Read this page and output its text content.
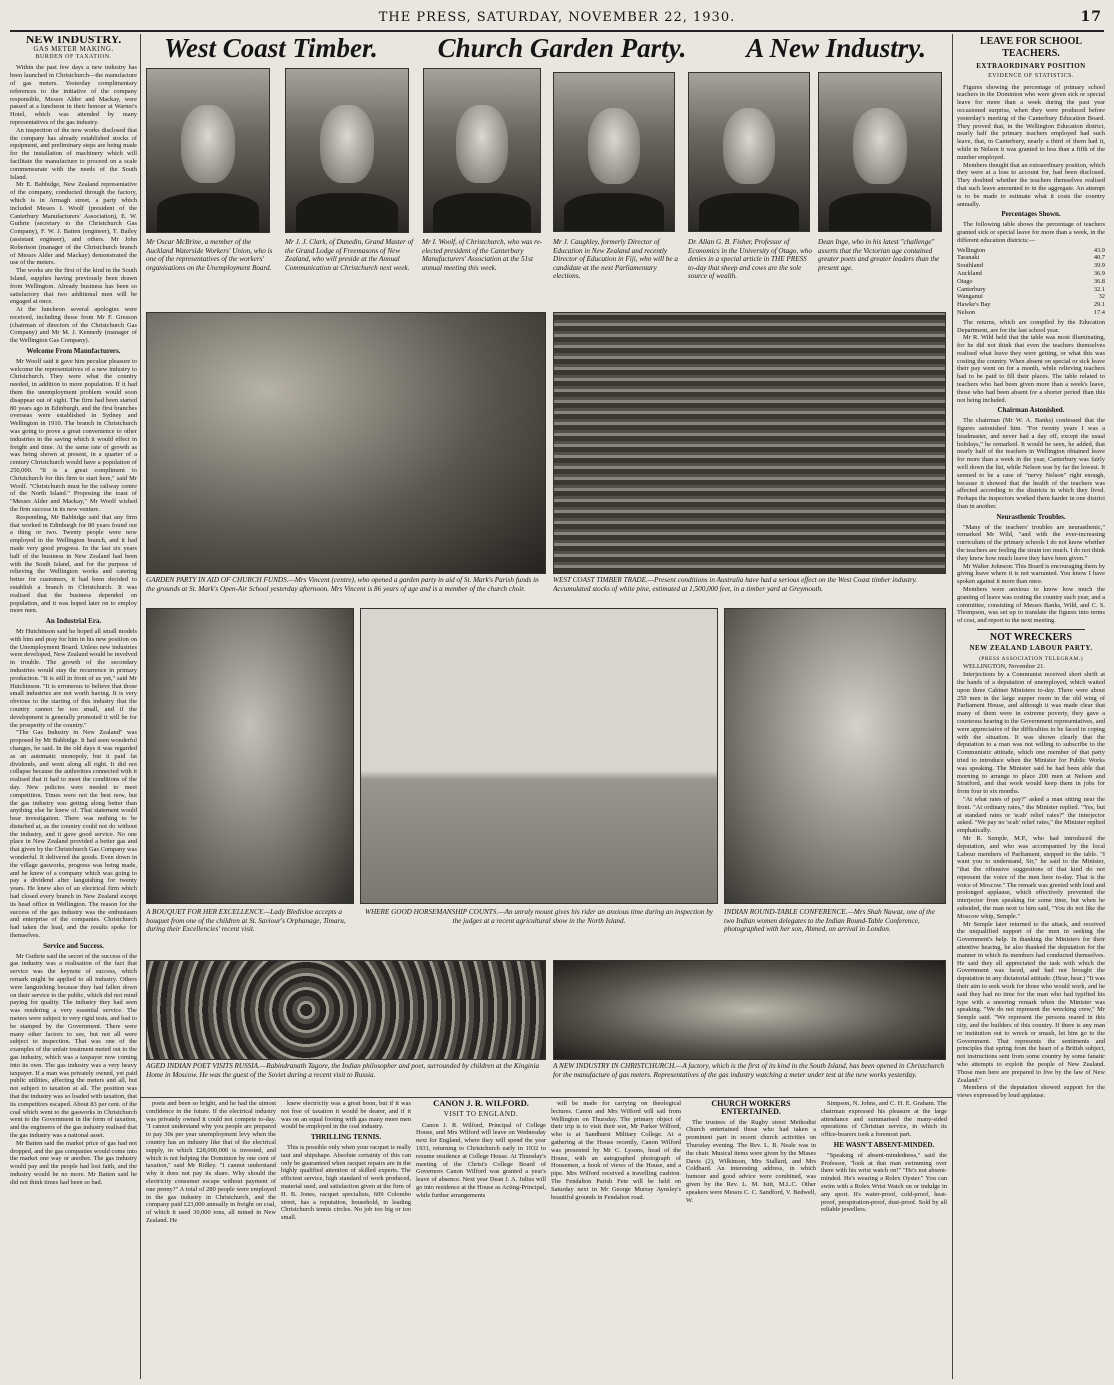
THE PRESS, SATURDAY, NOVEMBER 22, 1930.	17
NEW INDUSTRY.
GAS METER MAKING.
BURDEN OF TAXATION.

Within the past few days a new industry has been launched in Christchurch—the manufacture of gas meters. Yesterday complimentary references to the initiative of the company responsible, Messrs Alder and Mackay, were passed at a luncheon in their honour at Warner's Hotel, which was attended by many representatives of the gas industry.

An inspection of the new works disclosed that the company has already established stocks of equipment, and preliminary steps are being made for the installation of machinery which will facilitate the manufacture to proceed on a scale commensurate with the needs of the South Island.

Mr E. Babbidge, New Zealand representative of the company, conducted through the factory, which is in Armagh street, a party which included Messrs I. Woolf (president of the Canterbury Manufacturers' Association), E. W. Guthrie (secretary to the Christchurch Gas Company), F. W. J. Batten (engineer), T. Bailey (assistant engineer), and others. Mr John Robertson (manager of the Christchurch branch of Messrs Alder and Mackay) demonstrated the use of the meters.

The works are the first of the kind in the South Island, supplies having previously been drawn from Wellington. Already business has been so satisfactory that two additional men will be engaged at once.

At the luncheon several apologies were received, including those from Mr F. Gresson (chairman of directors of the Christchurch Gas Company) and Mr M. J. Kennedy (manager of the Wellington Gas Company).

Welcome From Manufacturers.

Mr Woolf said it gave him peculiar pleasure to welcome the representatives of a new industry to Christchurch. They were what the country needed, in addition to more population. If it had them the unemployment problem would soon disappear out of sight. The firm had been started 80 years ago in Edinburgh, and the first branches overseas were established in Sydney and Wellington in 1910. The branch in Christchurch was going to prove a great convenience to other industries in the saving which it would effect in freight and time. At the same rate of growth as was being shown at present, in a quarter of a century Christchurch would have a population of 250,000. "It is a great compliment to Christchurch for this firm to start here," said Mr Woolf. "Christchurch must be the railway centre of the North Island." Proposing the toast of "Messrs Alder and Mackay," Mr Woolf wished the firm success in its new venture.

Responding, Mr Babbidge said that any firm that worked in Edinburgh for 80 years found out a thing or two. Twenty people were now employed in the Wellington branch, and it had made very good progress. In the last six years half of the business in New Zealand had been with the South Island, and for the purpose of relieving the Wellington works and catering better for customers, it had been decided to establish a branch in Christchurch. It was realised that the business depended on population, and it was hoped later on to employ more men.

An Industrial Era.

Mr Hutchinson said he hoped all small models with him and pray for him in his new position on the Unemployment Board. Unless new industries were developed, New Zealand would be involved in trouble. The growth of the secondary industries would stay the recurrence in primary production. "It is still in front of us yet," said Mr Hutchinson. "It is erroneous to believe that those small industries are not worth having. It is very obvious to the starting of this industry that the country cannot be too small, and if the development is generally promoted it will be for the prosperity of the country."

"The Gas Industry in New Zealand" was proposed by Mr Babbidge. It had seen wonderful changes, he said. In the old days it was regarded as an automatic monopoly, but it paid fat dividends, and went along all right. It did not collapse because the authorities connected with it realised that it had to meet the conditions of the day. New policies were needed to meet competition. Times were not the best now, but the gas industry was getting along better than anything else he knew of. That statement would bear investigation. There was nothing to be disturbed at, as the country could not do without the industry, and it gave good service. No one place in New Zealand provided a better gas and that given by the Christchurch Gas Company was wonderful. It delivered the goods. Even down in the village gasworks, progress was being made, and he knew of a company which was going to pay a dividend after languishing for twenty years. He knew also of an electrical firm which had closed every branch in New Zealand except its head office in Wellington. The reason for the success of the gas industry was the enthusiasm and enterprise of the companies. Christchurch had taken the lead, and the results spoke for themselves.

Service and Success.

Mr Guthrie said the secret of the success of the gas industry was a realisation of the fact that service was the keynote of success, which remark might be applied to all industry. Others were languishing because they had fallen down on their service to the public, which did not mind paying for quality. The industry they had seen was rendering a very essential service. The meters were subject to very rigid tests, and had to be stamped by the Government. There were many other factors to see, but not all were subject to inspection. That was one of the examples of the unfair treatment meted out to the gas industry, which was a taxpayer now coming into its own. The gas industry was a very heavy taxpayer. If a man was privately owned, yet paid public utilities, affecting the meters and all, but not subject to taxation at all. The position was that the industry was so loaded with taxation, that its competitors escaped. About 83 per cent. of the coal which went to the gasworks in Christchurch went to the Government in the form of taxation, and the engineers of the gas industry realised that the gas industry was a national asset.

Mr Batten said the market price of gas had not dropped, and the gas companies would come into the market one way or another. The gas industry would pay and the people had lost faith, and the industry would be no more. Mr Batten said he did not think times had been so bad.

West Coast Timber. Church Garden Party. A New Industry.
Mr Oscar McBrine, a member of the Auckland Waterside Workers' Union, who is one of the representatives of the workers' organisations on the Unemployment Board.
Mr J. J. Clark, of Dunedin, Grand Master of the Grand Lodge of Freemasons of New Zealand, who will preside at the Annual Communication at Christchurch next week.
Mr I. Woolf, of Christchurch, who was re-elected president of the Canterbury Manufacturers' Association at the 51st annual meeting this week.
Mr J. Caughley, formerly Director of Education in New Zealand and recently Director of Education in Fiji, who will be a candidate at the next Parliamentary elections.
Dr. Allan G. B. Fisher, Professor of Economics in the University of Otago, who denies in a special article in THE PRESS to-day that sheep and cows are the sole source of wealth.
Dean Inge, who in his latest "challenge" asserts that the Victorian age contained greater poets and greater leaders than the present age.
GARDEN PARTY IN AID OF CHURCH FUNDS.—Mrs Vincent (centre), who opened a garden party in aid of St. Mark's Parish funds in the grounds at St. Mark's Open-Air School yesterday afternoon. Mrs Vincent is 86 years of age and is a member of the church choir.
WEST COAST TIMBER TRADE.—Present conditions in Australia have had a serious effect on the West Coast timber industry. Accumulated stocks of white pine, estimated at 1,500,000 feet, in a timber yard at Greymouth.
A BOUQUET FOR HER EXCELLENCY.—Lady Bledisloe accepts a bouquet from one of the children at St. Saviour's Orphanage, Timaru, during their Excellencies' recent visit.
WHERE GOOD HORSEMANSHIP COUNTS.—An unruly mount gives his rider an anxious time during an inspection by the judges at a recent agricultural show in the North Island.
INDIAN ROUND-TABLE CONFERENCE.—Mrs Shah Nawaz, one of the two Indian women delegates to the Indian Round-Table Conference, photographed with her son, Ahmed, on arrival in London.
AGED INDIAN POET VISITS RUSSIA.—Rabindranath Tagore, the Indian philosopher and poet, surrounded by children at the Kinginia Home in Moscow. He was the guest of the Soviet during a recent visit to Russia.
A NEW INDUSTRY IN CHRISTCHURCH.—A factory, which is the first of its kind in the South Island, has been opened in Christchurch for the manufacture of gas meters. Representatives of the gas industry watching a meter under test at the new works yesterday.

poets and been so bright, and he had the utmost confidence in the future. If the electrical industry was privately owned it could not compete to-day. "I cannot understand why you people are prepared to pay 30s per year unemployment levy when the country has an industry like that of the electrical supply, in which £28,000,000 is invested, and which is not helping the Dominion by one cent of taxation," said Mr Ridley. "I cannot understand why it does not pay its share. Why should the electricity consumer escape without payment of one penny?" A total of 280 people were employed in the gas industry in Christchurch, and the company paid £23,000 annually in freight on coal, of which it used 30,000 tons, all mined in New Zealand. He

knew electricity was a great boon, but if it was not free of taxation it would be dearer, and if it was on an equal footing with gas many more men would be employed in the coal industry.

THRILLING TENNIS.

This is possible only when your racquet is really taut and shipshape. Absolute certainty of this can only be guaranteed when racquet repairs are in the highly qualified attention of skilled experts. The efficient service, high standard of work produced, material used, and satisfaction given at the firm of H. B. Jones, racquet specialists, 609 Colombo street, has a reputation, household, in leading Christchurch tennis circles. No job too big or too small.

CANON J. R. WILFORD.
VISIT TO ENGLAND.

Canon J. R. Wilford, Principal of College House, and Mrs Wilford will leave on Wednesday next for England, where they will spend the year 1931, returning to Christchurch early in 1932 to resume residence at College House. At Thursday's meeting of the Christ's College Board of Governors Canon Wilford was granted a year's leave of absence. Next year Dean J. A. Julius will go into residence at the House as Acting-Principal, while further arrangements

will be made for carrying on theological lectures. Canon and Mrs Wilford will sail from Wellington on Thursday. The primary object of their trip is to visit their son, Mr Parker Wilford, who is at Sandhurst Military College. At a gathering at the House recently, Canon Wilford was presented by Mr C. Lysons, head of the House, with an autographed photograph of Housemen, a book of views of the House, and a pipe. Mrs Wilford received a travelling cushion. The Fendalton Parish Fete will be held on Saturday next in Mr George Murray Aynsley's beautiful grounds in Fendalton road.

CHURCH WORKERS ENTERTAINED.

The trustees of the Rugby street Methodist Church entertained those who had taken a prominent part in recent church activities on Thursday evening. The Rev. L. B. Neale was in the chair. Musical items were given by the Misses Davis (2), Wilkinson, Mrs Stallard, and Mrs Coldbard. An interesting address, in which humour and good advice were combined, was given by the Rev. L. M. Isitt, M.L.C. Other speakers were Messrs C. C. Sandford, V. Bedwell, W.

Simpson, N. Johns, and C. H. E. Graham. The chairman expressed his pleasure at the large attendance and summarised the many-sided operations of Christian service, in which its office-bearers took a foremost part.

HE WASN'T ABSENT-MINDED.

"Speaking of absent-mindedness," said the Professor, "look at that man swimming over there with his wrist watch on!" "He's not absent-minded. He's wearing a Rolex Oyster." You can swim with a Rolex Wrist Watch on or indulge in any sport. It's water-proof, cold-proof, heat-proof, perspiration-proof, dust-proof. Sold by all reliable jewellers.

LEAVE FOR SCHOOL TEACHERS.
EXTRAORDINARY POSITION
EVIDENCE OF STATISTICS.

Figures showing the percentage of primary school teachers in the Dominion who were given sick or special leave for more than a week during the past year occasioned surprise, when they were produced before yesterday's meeting of the Canterbury Education Board. They proved that, in the Wellington Education district, nearly half the primary teachers employed had such leave, that, in Canterbury, nearly a third of them had it, while in Nelson it was granted to less than a fifth of the number employed.

Members thought that an extraordinary position, which they were at a loss to account for, had been disclosed. They doubted whether the teachers themselves realised that such leave amounted to in the aggregate. An attempt is to be made to estimate what it costs the country annually.

Percentages Shown.

The following table shows the percentage of teachers granted sick or special leave for more than a week, in the different education districts:—

Wellington	43.9
Taranaki	40.7
Southland	39.9
Auckland	36.9
Otago	36.8
Canterbury	32.1
Wanganui	32
Hawke's Bay	29.1
Nelson	17.4

The returns, which are compiled by the Education Department, are for the last school year.

Mr R. Wild held that the table was most illuminating, for he did not think that even the teachers themselves realised what leave they were getting, or what this was costing the country. When absent on special or sick leave their pay went on for a month, while relieving teachers had to be paid to fill their places. The table related to teachers who had been given more than a week's leave, those who had been absent for a shorter period than this not being included.

Chairman Astonished.

The chairman (Mr W. A. Banks) confessed that the figures astonished him. "For twenty years I was a headmaster, and never had a day off, except the usual holidays," he remarked. It would be seen, he added, that nearly half of the teachers in Wellington obtained leave for more than a week in the year, Canterbury was fairly well down the list, while Nelson was by far the lowest. It seemed to be a case of "nervy Nelson" right enough, because it showed that the health of the teachers was affected according to the districts in which they lived. Perhaps the inspectors worked them harder in one district than in another.

Neurasthenic Troubles.

"Many of the teachers' troubles are neurasthenic," remarked Mr Wild, "and with the ever-increasing curriculum of the primary schools I do not know whether the teachers are feeling the strain too much. I do not think they know how much leave they have been given."

Mr Walter Johnson: This Board is encouraging them by giving leave where it is not warranted. You know I have spoken against it more than once.

Members were anxious to know how much the granting of leave was costing the country each year, and a committee, consisting of Messrs Banks, Wild, and C. S. Thompson, was set up to translate the figures into terms of cost, and report to the next meeting.

NOT WRECKERS
NEW ZEALAND LABOUR PARTY.
(PRESS ASSOCIATION TELEGRAM.)

WELLINGTON, November 21.

Interjections by a Communist received short shrift at the hands of a deputation of unemployed, which waited upon three Cabinet Ministers to-day. There were about 250 men in the large supper room in the old wing of Parliament House, and although it was made clear that many of them were in extreme poverty, they gave a courteous hearing to the Government representatives, and were appreciative of the difficulties to be faced in coping with the situation. It was shown clearly that the deputation to a man was not willing to subscribe to the Communistic attitude, which one member of that party tried to introduce when the Minister for Public Works was speaking. The Minister said he had been able that morning to arrange to place 200 men at Nelson and Stratford, and that work would keep them in jobs for from four to six months.

"At what rates of pay?" asked a man sitting near the front. "At ordinary rates," the Minister replied. "Yes, but at standard rates or 'scab' relief rates?" the interjector asked. "We pay no 'scab' relief rates," the Minister replied emphatically.

Mr R. Semple, M.P., who had introduced the deputation, and who was accompanied by the local Labour members of Parliament, stepped to the table. "I want you to understand, Sir," he said to the Minister, "that the offensive suggestions of that kind do not represent the voice of the men here to-day. That is the voice of Moscow." The remark was greeted with loud and prolonged applause, which effectively prevented the interjector from speaking for some time, but when he subsided, the man next to him said, "You do not like the Moscow whip, Semple."

Mr Semple later returned to the attack, and received the unqualified support of the men in seeking the Government's help. In thanking the Ministers for their attentive hearing, he also thanked the deputation for the manner in which its members had conducted themselves. He said they all appreciated the task with which the Government was faced, and had not brought the deputation in any dictatorial attitude. (Hear, hear.) "It was their aim to seek work for those who would work, and he said they had no time for the man who had typified his type with a sneering remark when the Minister was speaking. "We do not represent the wrecking crew," Mr Semple said. "We represent the persons reared in this city, and the builders of this country. If there is any man or institution out to wreck or smash, let him go to the Government. That represents the sentiments and principles that spring from the heart of a British subject, not instructions sent from some country by some fanatic who attempts to exploit the people of New Zealand. Those men here are prepared to live by the law of New Zealand."

Members of the deputation showed support for the views expressed by loud applause.
